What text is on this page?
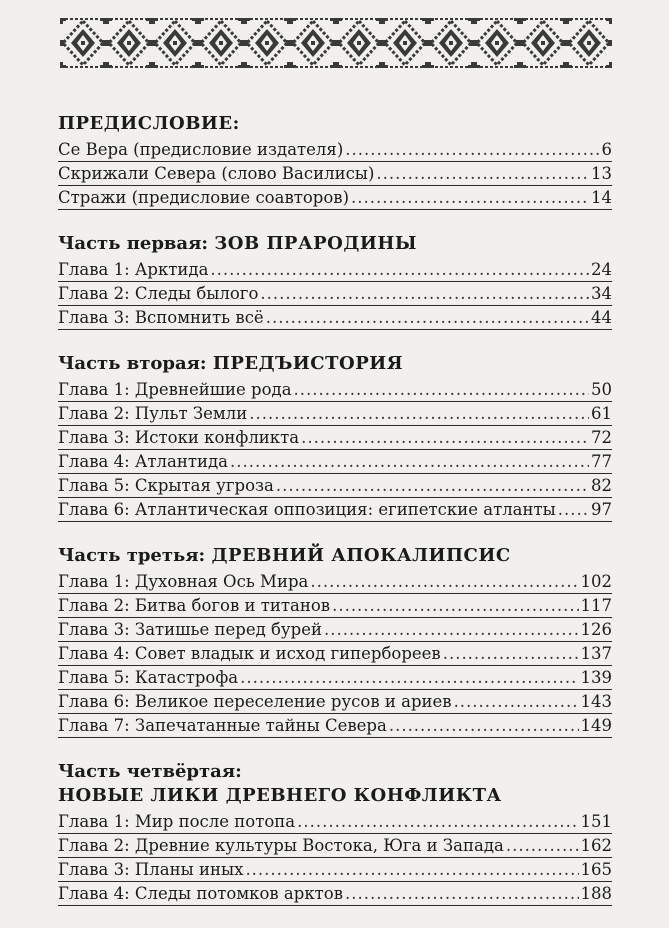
ПРЕДИСЛОВИЕ:
Се Вера (предисловие издателя) .....	6
Скрижали Севера (слово Василисы) .....	13
Стражи (предисловие соавторов) .....	14
Часть первая: ЗОВ ПРАРОДИНЫ
Глава 1: Арктида .....	24
Глава 2: Следы былого .....	34
Глава 3: Вспомнить всё .....	44
Часть вторая: ПРЕДЪИСТОРИЯ
Глава 1: Древнейшие рода .....	50
Глава 2: Пульт Земли .....	61
Глава 3: Истоки конфликта .....	72
Глава 4: Атлантида .....	77
Глава 5: Скрытая угроза .....	82
Глава 6: Атлантическая оппозиция: египетские атланты ..... 97
Часть третья: ДРЕВНИЙ АПОКАЛИПСИС
Глава 1: Духовная Ось Мира .....	102
Глава 2: Битва богов и титанов .....	117
Глава 3: Затишье перед бурей .....	126
Глава 4: Совет владык и исход гипербореев .....	137
Глава 5: Катастрофа .....	139
Глава 6: Великое переселение русов и ариев .....	143
Глава 7: Запечатанные тайны Севера .....	149
Часть четвёртая:
НОВЫЕ ЛИКИ ДРЕВНЕГО КОНФЛИКТА
Глава 1: Мир после потопа .....	151
Глава 2: Древние культуры Востока, Юга и Запада .....	162
Глава 3: Планы иных .....	165
Глава 4: Следы потомков арктов .....	188
